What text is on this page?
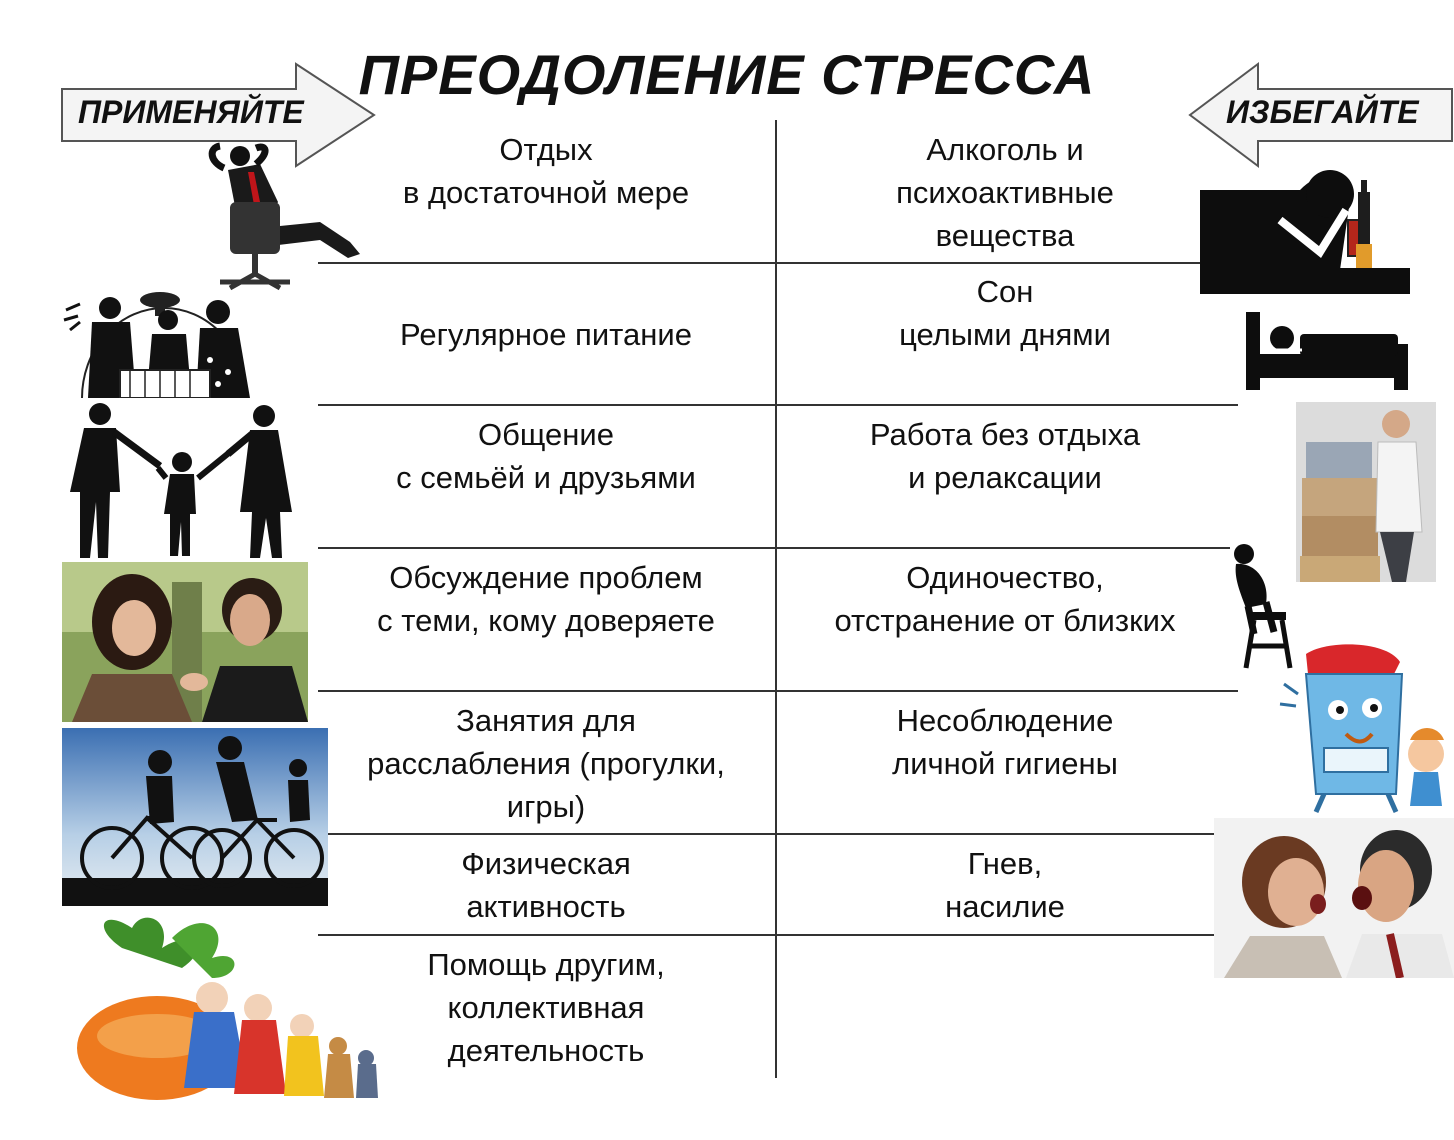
ПРЕОДОЛЕНИЕ СТРЕССА
ПРИМЕНЯЙТЕ	ИЗБЕГАЙТЕ
Отдых
в достаточной мере
Алкоголь и
психоактивные
вещества
Регулярное питание
Сон
целыми днями
Общение
с семьёй и друзьями
Работа без отдыха
и релаксации
Обсуждение проблем
с теми, кому доверяете
Одиночество,
отстранение от близких
Занятия для
расслабления (прогулки,
игры)
Несоблюдение
личной гигиены
Физическая
активность
Гнев,
насилие
Помощь другим,
коллективная
деятельность
